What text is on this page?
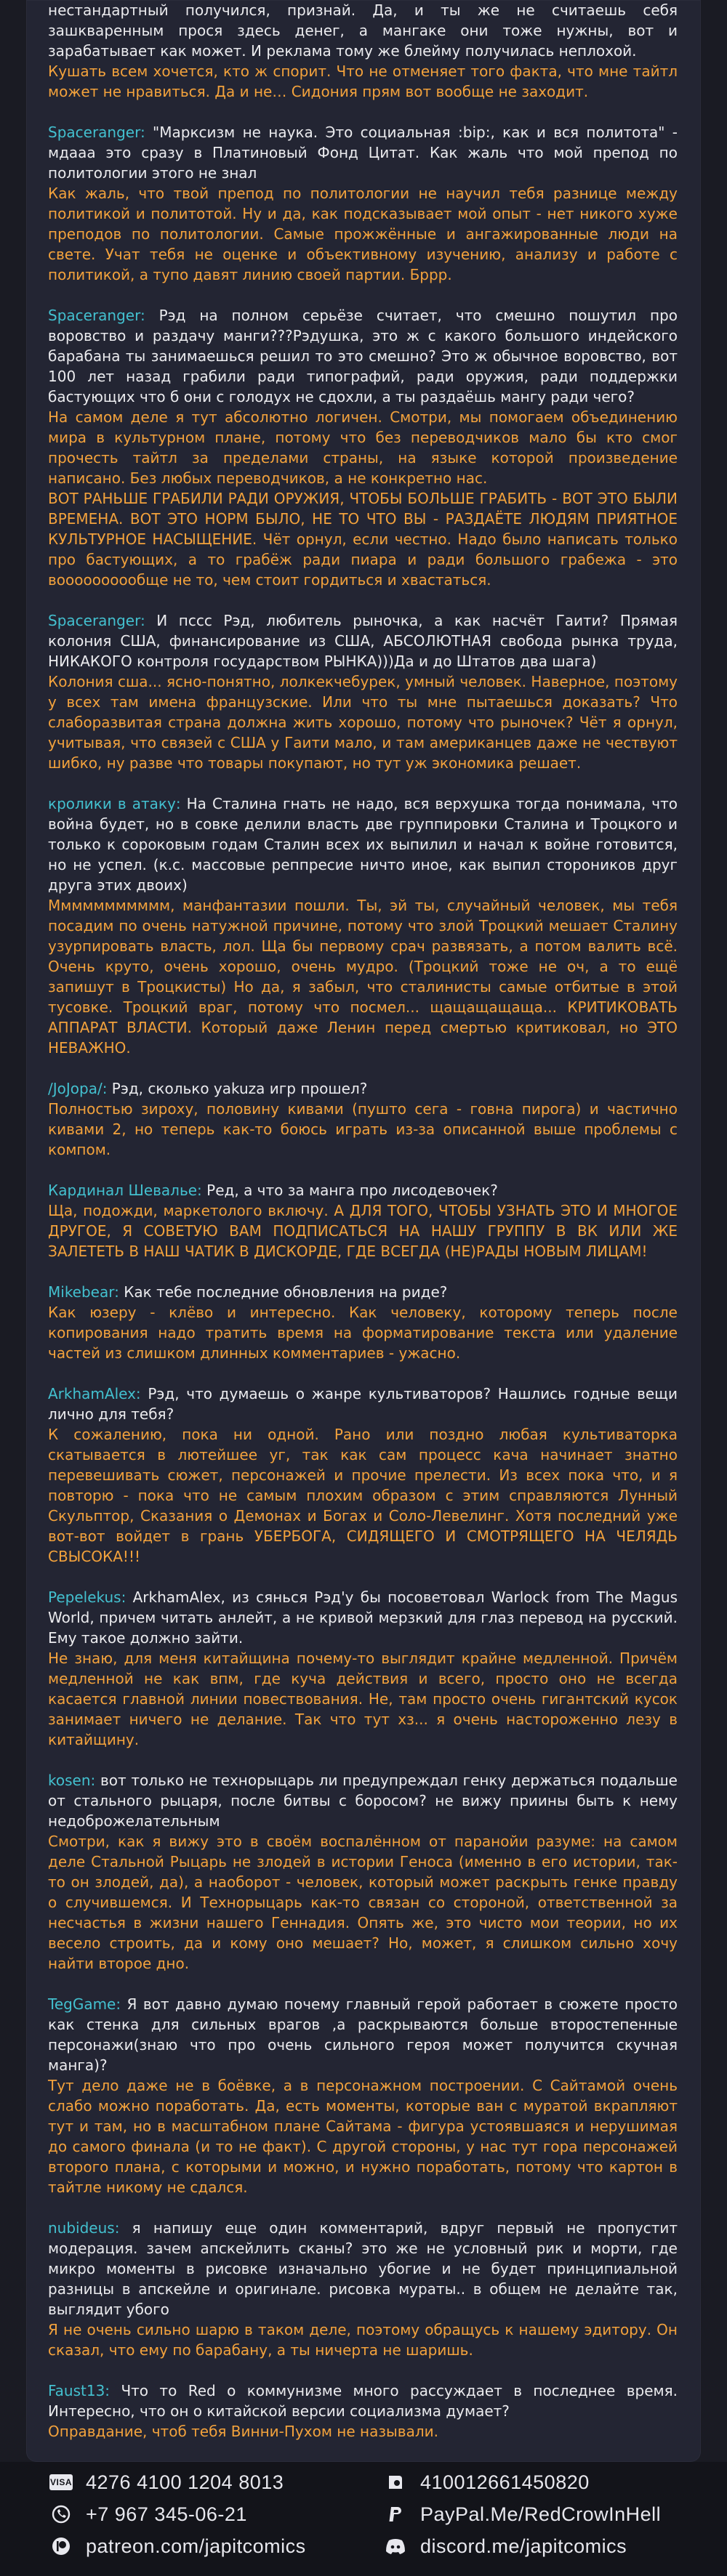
нестандартный получился, признай. Да, и ты же не считаешь себя зашкваренным прося здесь денег, а мангаке они тоже нужны, вот и зарабатывает как может. И реклама тому же блейму получилась неплохой.

Кушать всем хочется, кто ж спорит. Что не отменяет того факта, что мне тайтл может не нравиться. Да и не… Сидония прям вот вообще не заходит.

Spaceranger: "Марксизм не наука. Это социальная :bip:, как и вся политота" - мдааа это сразу в Платиновый Фонд Цитат. Как жаль что мой препод по политологии этого не знал

Как жаль, что твой препод по политологии не научил тебя разнице между политикой и политотой. Ну и да, как подсказывает мой опыт - нет никого хуже преподов по политологии. Самые прожжённые и ангажированные люди на свете. Учат тебя не оценке и объективному изучению, анализу и работе с политикой, а тупо давят линию своей партии. Бррр.

Spaceranger: Рэд на полном серьёзе считает, что смешно пошутил про воровство и раздачу манги???Рэдушка, это ж с какого большого индейского барабана ты занимаешься решил то это смешно? Это ж обычное воровство, вот 100 лет назад грабили ради типографий, ради оружия, ради поддержки бастующих что б они с голодух не сдохли, а ты раздаёшь мангу ради чего?

На самом деле я тут абсолютно логичен. Смотри, мы помогаем объединению мира в культурном плане, потому что без переводчиков мало бы кто смог прочесть тайтл за пределами страны, на языке которой произведение написано. Без любых переводчиков, а не конкретно нас.

ВОТ РАНЬШЕ ГРАБИЛИ РАДИ ОРУЖИЯ, ЧТОБЫ БОЛЬШЕ ГРАБИТЬ - ВОТ ЭТО БЫЛИ ВРЕМЕНА. ВОТ ЭТО НОРМ БЫЛО, НЕ ТО ЧТО ВЫ - РАЗДАЁТЕ ЛЮДЯМ ПРИЯТНОЕ КУЛЬТУРНОЕ НАСЫЩЕНИЕ. Чёт орнул, если честно. Надо было написать только про бастующих, а то грабёж ради пиара и ради большого грабежа - это воооооооообще не то, чем стоит гордиться и хвастаться.

Spaceranger: И пссс Рэд, любитель рыночка, а как насчёт Гаити? Прямая колония США, финансирование из США, АБСОЛЮТНАЯ свобода рынка труда, НИКАКОГО контроля государством РЫНКА)))Да и до Штатов два шага)

Колония сша... ясно-понятно, лолкекчебурек, умный человек. Наверное, поэтому у всех там имена французские. Или что ты мне пытаешься доказать? Что слаборазвитая страна должна жить хорошо, потому что рыночек? Чёт я орнул, учитывая, что связей с США у Гаити мало, и там американцев даже не чествуют шибко, ну разве что товары покупают, но тут уж экономика решает.

кролики в атаку: На Сталина гнать не надо, вся верхушка тогда понимала, что война будет, но в совке делили власть две группировки Сталина и Троцкого и только к сороковым годам Сталин всех их выпилил и начал к войне готовится, но не успел. (к.с. массовые реппресие ничто иное, как выпил стороников друг друга этих двоих)

Ммммммммммм, манфантазии пошли. Ты, эй ты, случайный человек, мы тебя посадим по очень натужной причине, потому что злой Троцкий мешает Сталину узурпировать власть, лол. Ща бы первому срач развязать, а потом валить всё. Очень круто, очень хорошо, очень мудро. (Троцкий тоже не оч, а то ещё запишут в Троцкисты) Но да, я забыл, что сталинисты самые отбитые в этой тусовке. Троцкий враг, потому что посмел... щащащащаща... КРИТИКОВАТЬ АППАРАТ ВЛАСТИ. Который даже Ленин перед смертью критиковал, но ЭТО НЕВАЖНО.

/JoJopa/: Рэд, сколько yakuza игр прошел?

Полностью зироху, половину кивами (пушто сега - говна пирога) и частично кивами 2, но теперь как-то боюсь играть из-за описанной выше проблемы с компом.

Кардинал Шевалье: Ред, а что за манга про лисодевочек?

Ща, подожди, маркетолого включу. А ДЛЯ ТОГО, ЧТОБЫ УЗНАТЬ ЭТО И МНОГОЕ ДРУГОЕ, Я СОВЕТУЮ ВАМ ПОДПИСАТЬСЯ НА НАШУ ГРУППУ В ВК ИЛИ ЖЕ ЗАЛЕТЕТЬ В НАШ ЧАТИК В ДИСКОРДЕ, ГДЕ ВСЕГДА (НЕ)РАДЫ НОВЫМ ЛИЦАМ!

Mikebear: Как тебе последние обновления на риде?

Как юзеру - клёво и интересно. Как человеку, которому теперь после копирования надо тратить время на форматирование текста или удаление частей из слишком длинных комментариев - ужасно.

ArkhamAlex: Рэд, что думаешь о жанре культиваторов? Нашлись годные вещи лично для тебя?

К сожалению, пока ни одной. Рано или поздно любая культиваторка скатывается в лютейшее уг, так как сам процесс кача начинает знатно перевешивать сюжет, персонажей и прочие прелести. Из всех пока что, и я повторю - пока что не самым плохим образом с этим справляются Лунный Скульптор, Сказания о Демонах и Богах и Соло-Левелинг. Хотя последний уже вот-вот войдет в грань УБЕРБОГА, СИДЯЩЕГО И СМОТРЯЩЕГО НА ЧЕЛЯДЬ СВЫСОКА!!!

Pepelekus: ArkhamAlex, из сянься Рэд'у бы посоветовал Warlock from The Magus World, причем читать анлейт, а не кривой мерзкий для глаз перевод на русский. Ему такое должно зайти.

Не знаю, для меня китайщина почему-то выглядит крайне медленной. Причём медленной не как впм, где куча действия и всего, просто оно не всегда касается главной линии повествования. Не, там просто очень гигантский кусок занимает ничего не делание. Так что тут хз... я очень настороженно лезу в китайщину.

kosen: вот только не технорыцарь ли предупреждал генку держаться подальше от стального рыцаря, после битвы с боросом? не вижу приины быть к нему недоброжелательным

Смотри, как я вижу это в своём воспалённом от паранойи разуме: на самом деле Стальной Рыцарь не злодей в истории Геноса (именно в его истории, так-то он злодей, да), а наоборот - человек, который может раскрыть генке правду о случившемся. И Технорыцарь как-то связан со стороной, ответственной за несчастья в жизни нашего Геннадия. Опять же, это чисто мои теории, но их весело строить, да и кому оно мешает? Но, может, я слишком сильно хочу найти второе дно.

TegGame: Я вот давно думаю почему главный герой работает в сюжете просто как стенка для сильных врагов ,а раскрываются больше второстепенные персонажи(знаю что про очень сильного героя может получится скучная манга)?

Тут дело даже не в боёвке, а в персонажном построении. С Сайтамой очень слабо можно поработать. Да, есть моменты, которые ван с муратой вкрапляют тут и там, но в масштабном плане Сайтама - фигура устоявшаяся и нерушимая до самого финала (и то не факт). С другой стороны, у нас тут гора персонажей второго плана, с которыми и можно, и нужно поработать, потому что картон в тайтле никому не сдался.

nubideus: я напишу еще один комментарий, вдруг первый не пропустит модерация. зачем апскейлить сканы? это же не условный рик и морти, где микро моменты в рисовке изначально убогие и не будет принципиальной разницы в апскейле и оригинале. рисовка мураты.. в общем не делайте так, выглядит убого

Я не очень сильно шарю в таком деле, поэтому обращусь к нашему эдитору. Он сказал, что ему по барабану, а ты ничерта не шаришь.

Faust13: Что то Red о коммунизме много рассуждает в последнее время. Интересно, что он о китайской версии социализма думает?

Оправдание, чтоб тебя Винни-Пухом не называли.

VISA 4276 4100 1204 8013
+7 967 345-06-21
patreon.com/japitcomics
410012661450820
PayPal.Me/RedCrowInHell
discord.me/japitcomics
